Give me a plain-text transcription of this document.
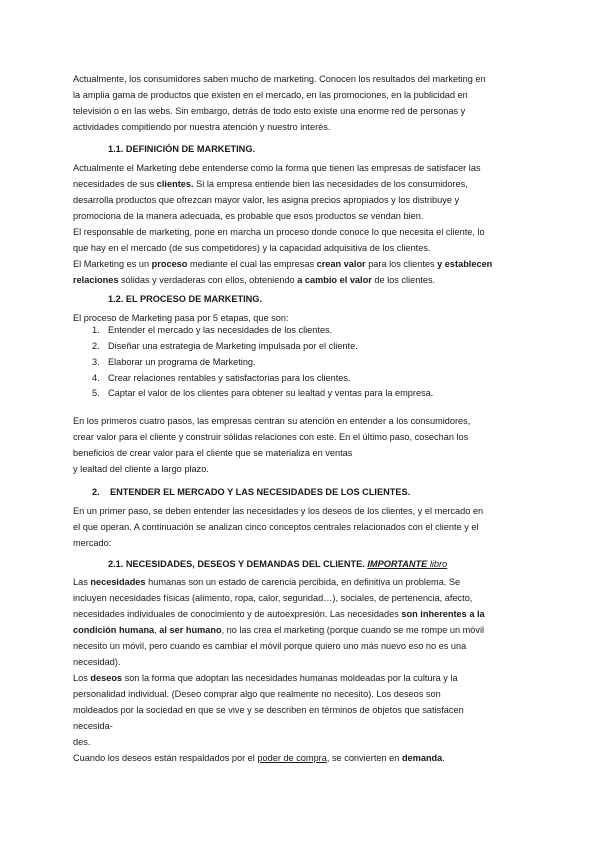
Actualmente, los consumidores saben mucho de marketing. Conocen los resultados del marketing en
la amplia gama de productos que existen en el mercado, en las promociones, en la publicidad en
televisión o en las webs. Sin embargo, detrás de todo esto existe una enorme red de personas y
actividades compitiendo por nuestra atención y nuestro interés.
1.1. DEFINICIÓN DE MARKETING.
Actualmente el Marketing debe entenderse como la forma que tienen las empresas de satisfacer las
necesidades de sus clientes. Si la empresa entiende bien las necesidades de los consumidores,
desarrolla productos que ofrezcan mayor valor, les asigna precios apropiados y los distribuye y
promociona de la manera adecuada, es probable que esos productos se vendan bien.
El responsable de marketing, pone en marcha un proceso donde conoce lo que necesita el cliente, lo
que hay en el mercado (de sus competidores) y la capacidad adquisitiva de los clientes.
El Marketing es un proceso mediante el cual las empresas crean valor para los clientes y establecen
relaciones sólidas y verdaderas con ellos, obteniendo a cambio el valor de los clientes.
1.2. EL PROCESO DE MARKETING.
El proceso de Marketing pasa por 5 etapas, que son:
1. Entender el mercado y las necesidades de los clientes.
2. Diseñar una estrategia de Marketing impulsada por el cliente.
3. Elaborar un programa de Marketing.
4. Crear relaciones rentables y satisfactorias para los clientes.
5. Captar el valor de los clientes para obtener su lealtad y ventas para la empresa.
En los primeros cuatro pasos, las empresas centran su atención en entender a los consumidores,
crear valor para el cliente y construir sólidas relaciones con este. En el último paso, cosechan los
beneficios de crear valor para el cliente que se materializa en ventas
y lealtad del cliente a largo plazo.
2. ENTENDER EL MERCADO Y LAS NECESIDADES DE LOS CLIENTES.
En un primer paso, se deben entender las necesidades y los deseos de los clientes, y el mercado en
el que operan. A continuación se analizan cinco conceptos centrales relacionados con el cliente y el
mercado:
2.1. NECESIDADES, DESEOS Y DEMANDAS DEL CLIENTE. IMPORTANTE libro
Las necesidades humanas son un estado de carencia percibida, en definitiva un problema. Se
incluyen necesidades físicas (alimento, ropa, calor, seguridad…), sociales, de pertenencia, afecto,
necesidades individuales de conocimiento y de autoexpresión. Las necesidades son inherentes a la
condición humana, al ser humano, no las crea el marketing (porque cuando se me rompe un móvil
necesito un móvil, pero cuando es cambiar el móvil porque quiero uno más nuevo eso no es una
necesidad).
Los deseos son la forma que adoptan las necesidades humanas moldeadas por la cultura y la
personalidad individual. (Deseo comprar algo que realmente no necesito). Los deseos son
moldeados por la sociedad en que se vive y se describen en términos de objetos que satisfacen
necesida-
des.
Cuando los deseos están respaldados por el poder de compra, se convierten en demanda.
